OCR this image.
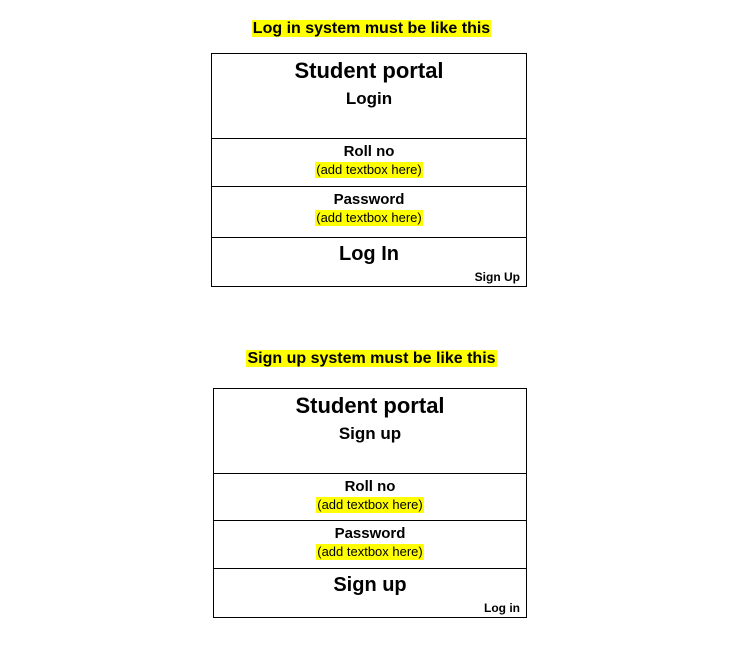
Log in system must be like this
Student portal
Login
Roll no
(add textbox here)
Password
(add textbox here)
Log In
Sign Up
Sign up system must be like this
Student portal
Sign up
Roll no
(add textbox here)
Password
(add textbox here)
Sign up
Log in
